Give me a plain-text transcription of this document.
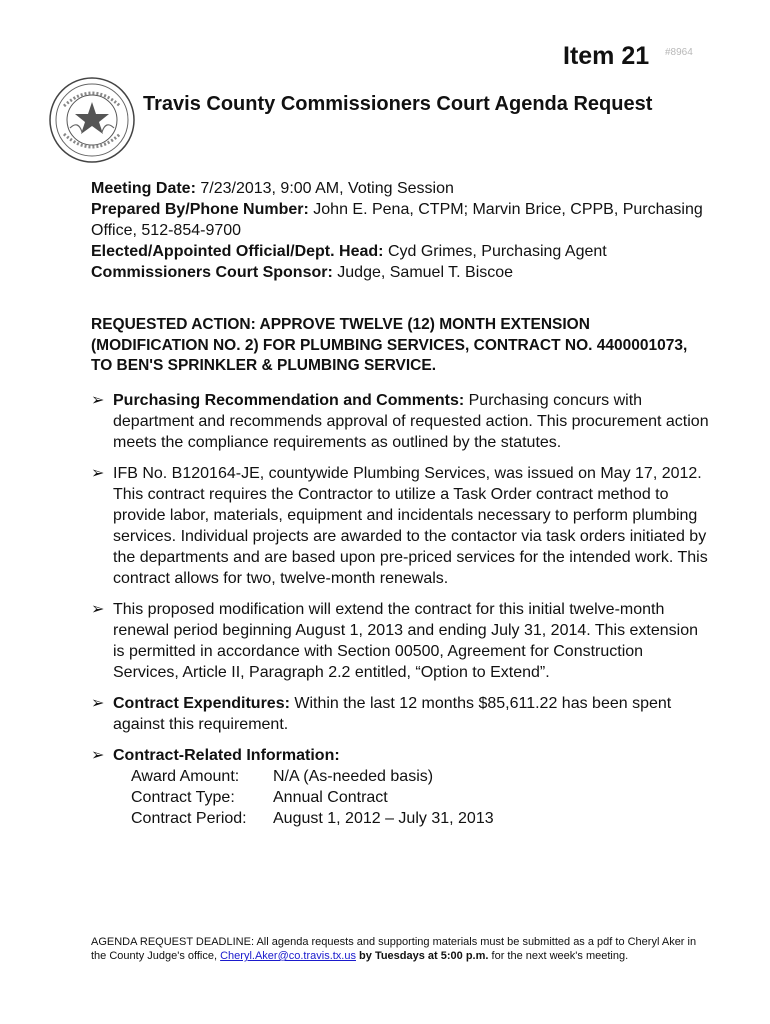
Item 21 #8964
Travis County Commissioners Court Agenda Request
Meeting Date: 7/23/2013, 9:00 AM, Voting Session
Prepared By/Phone Number: John E. Pena, CTPM; Marvin Brice, CPPB, Purchasing Office, 512-854-9700
Elected/Appointed Official/Dept. Head: Cyd Grimes, Purchasing Agent
Commissioners Court Sponsor: Judge, Samuel T. Biscoe
REQUESTED ACTION: APPROVE TWELVE (12) MONTH EXTENSION (MODIFICATION NO. 2) FOR PLUMBING SERVICES, CONTRACT NO. 4400001073, TO BEN'S SPRINKLER & PLUMBING SERVICE.
➢ Purchasing Recommendation and Comments: Purchasing concurs with department and recommends approval of requested action. This procurement action meets the compliance requirements as outlined by the statutes.
➢ IFB No. B120164-JE, countywide Plumbing Services, was issued on May 17, 2012. This contract requires the Contractor to utilize a Task Order contract method to provide labor, materials, equipment and incidentals necessary to perform plumbing services. Individual projects are awarded to the contactor via task orders initiated by the departments and are based upon pre-priced services for the intended work. This contract allows for two, twelve-month renewals.
➢ This proposed modification will extend the contract for this initial twelve-month renewal period beginning August 1, 2013 and ending July 31, 2014. This extension is permitted in accordance with Section 00500, Agreement for Construction Services, Article II, Paragraph 2.2 entitled, “Option to Extend”.
➢ Contract Expenditures: Within the last 12 months $85,611.22 has been spent against this requirement.
➢ Contract-Related Information:
Award Amount:	N/A (As-needed basis)
Contract Type:	Annual Contract
Contract Period:	August 1, 2012 – July 31, 2013
AGENDA REQUEST DEADLINE: All agenda requests and supporting materials must be submitted as a pdf to Cheryl Aker in the County Judge's office, Cheryl.Aker@co.travis.tx.us by Tuesdays at 5:00 p.m. for the next week's meeting.
